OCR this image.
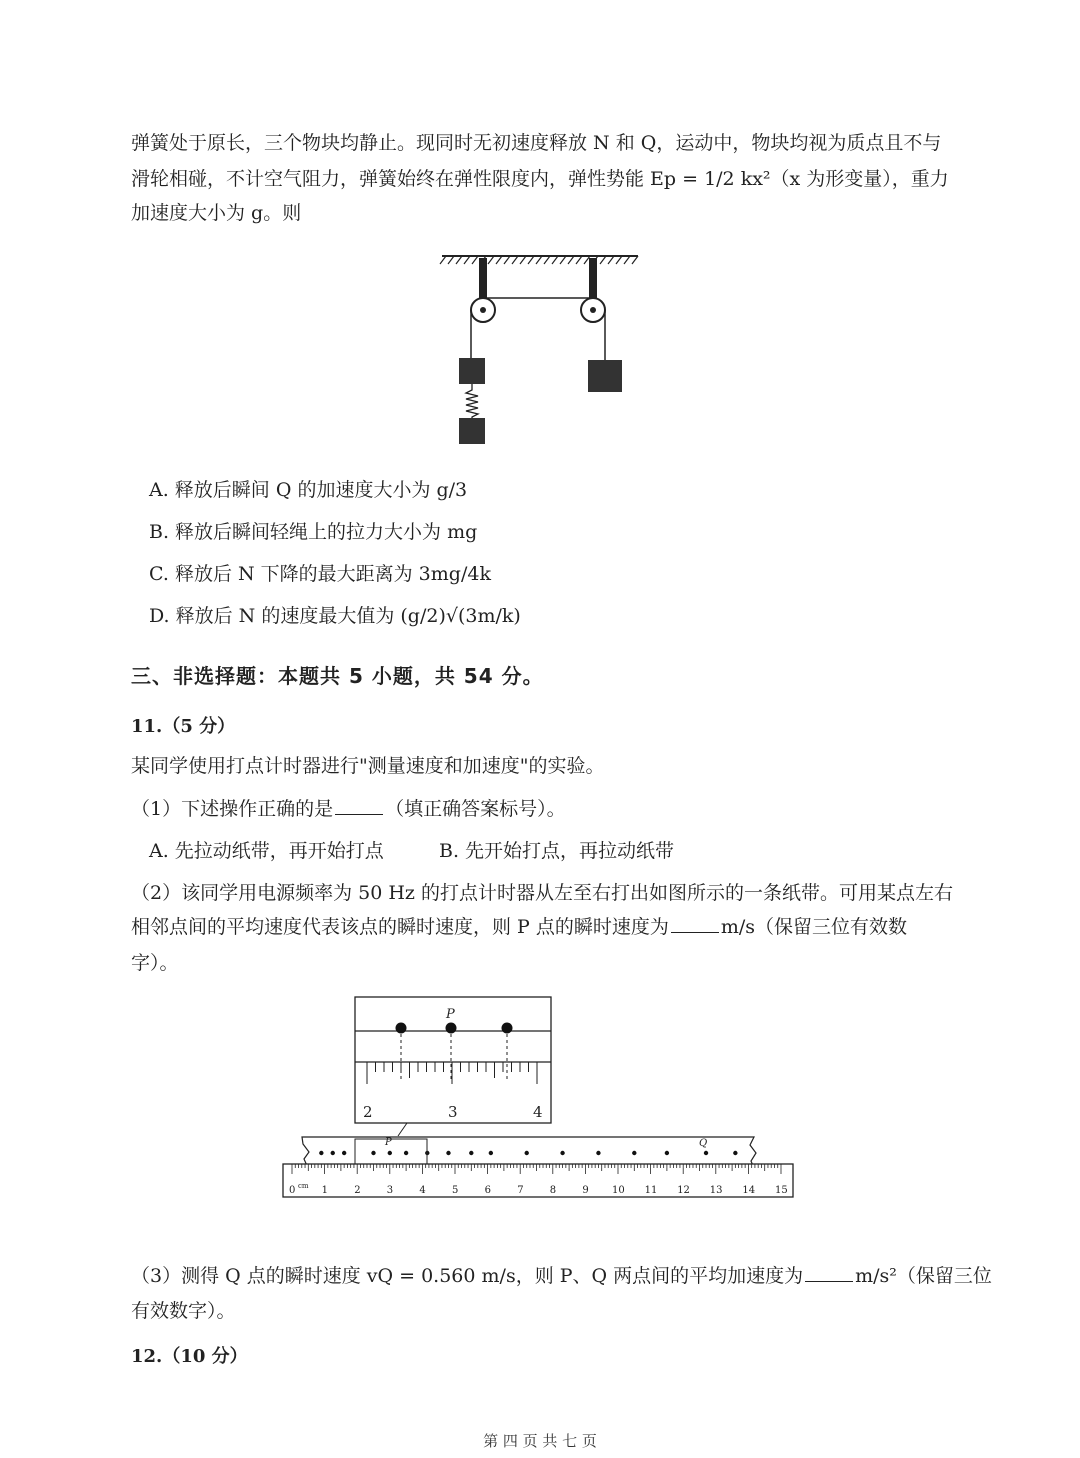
弹簧处于原长，三个物块均静止。现同时无初速度释放 N 和 Q，运动中，物块均视为质点且不与
滑轮相碰，不计空气阻力，弹簧始终在弹性限度内，弹性势能 Ep = 1/2 kx²（x 为形变量），重力
加速度大小为 g。则
A. 释放后瞬间 Q 的加速度大小为 g/3
B. 释放后瞬间轻绳上的拉力大小为 mg
C. 释放后 N 下降的最大距离为 3mg/4k
D. 释放后 N 的速度最大值为 (g/2)√(3m/k)
三、非选择题：本题共 5 小题，共 54 分。
11.（5 分）
某同学使用打点计时器进行"测量速度和加速度"的实验。
（1）下述操作正确的是	（填正确答案标号）。
A. 先拉动纸带，再开始打点	B. 先开始打点，再拉动纸带
（2）该同学用电源频率为 50 Hz 的打点计时器从左至右打出如图所示的一条纸带。可用某点左右
相邻点间的平均速度代表该点的瞬时速度，则 P 点的瞬时速度为	m/s（保留三位有效数
字）。
P
2	3	4
P	Q
0	1	2	3	4	5	6	7	8	9 10 11 12 13 14 15
cm
（3）测得 Q 点的瞬时速度 vQ = 0.560 m/s，则 P、Q 两点间的平均加速度为	m/s²（保留三位
有效数字）。
12.（10 分）
第 四 页 共 七 页
